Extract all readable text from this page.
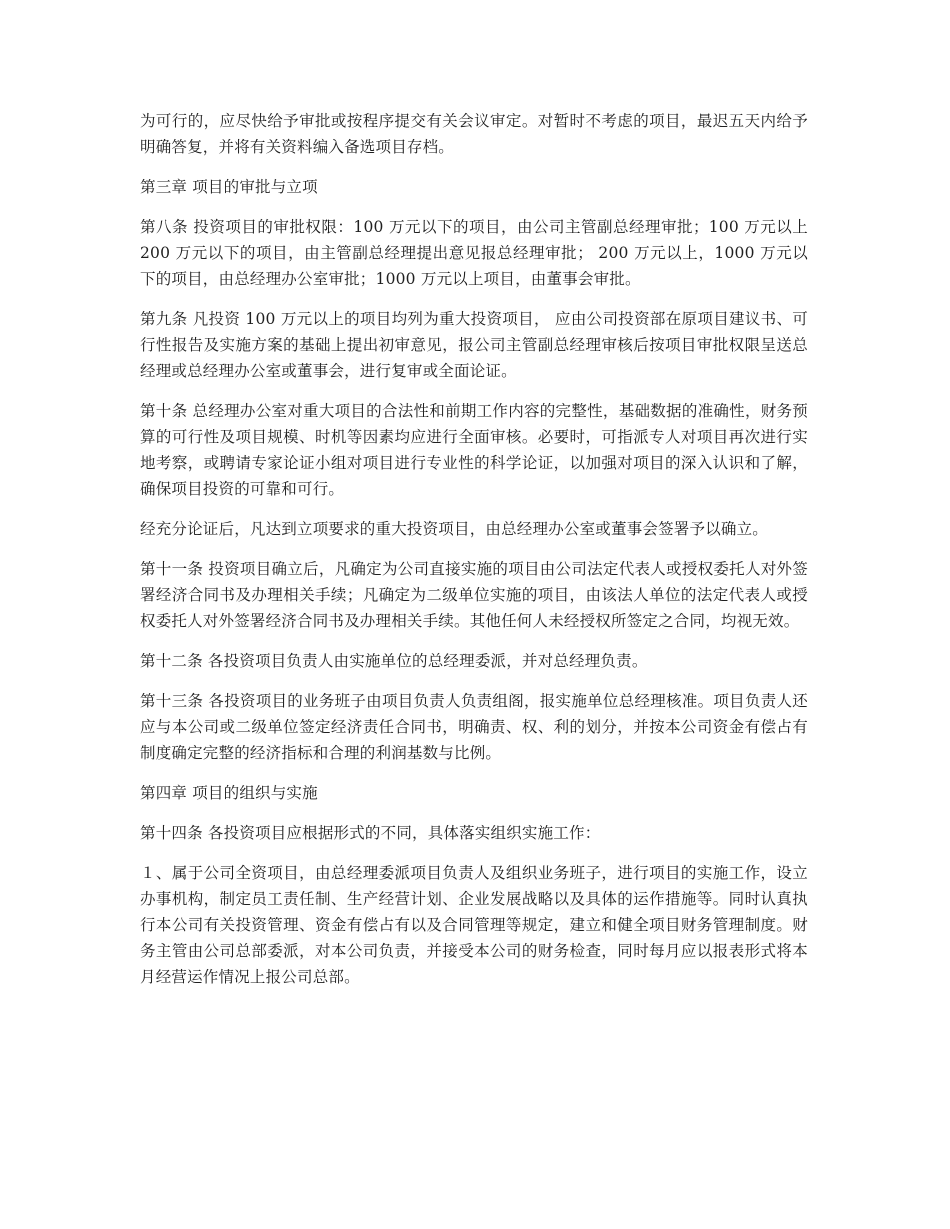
为可行的，应尽快给予审批或按程序提交有关会议审定。对暂时不考虑的项目，最迟五天内给予明确答复，并将有关资料编入备选项目存档。

第三章 项目的审批与立项

第八条 投资项目的审批权限：100 万元以下的项目，由公司主管副总经理审批；100 万元以上 200 万元以下的项目，由主管副总经理提出意见报总经理审批； 200 万元以上，1000 万元以下的项目，由总经理办公室审批；1000 万元以上项目，由董事会审批。

第九条 凡投资 100 万元以上的项目均列为重大投资项目， 应由公司投资部在原项目建议书、可行性报告及实施方案的基础上提出初审意见，报公司主管副总经理审核后按项目审批权限呈送总经理或总经理办公室或董事会，进行复审或全面论证。

第十条 总经理办公室对重大项目的合法性和前期工作内容的完整性，基础数据的准确性，财务预算的可行性及项目规模、时机等因素均应进行全面审核。必要时，可指派专人对项目再次进行实地考察，或聘请专家论证小组对项目进行专业性的科学论证，以加强对项目的深入认识和了解，确保项目投资的可靠和可行。

经充分论证后，凡达到立项要求的重大投资项目，由总经理办公室或董事会签署予以确立。

第十一条 投资项目确立后，凡确定为公司直接实施的项目由公司法定代表人或授权委托人对外签署经济合同书及办理相关手续；凡确定为二级单位实施的项目，由该法人单位的法定代表人或授权委托人对外签署经济合同书及办理相关手续。其他任何人未经授权所签定之合同，均视无效。

第十二条 各投资项目负责人由实施单位的总经理委派，并对总经理负责。

第十三条 各投资项目的业务班子由项目负责人负责组阁，报实施单位总经理核准。项目负责人还应与本公司或二级单位签定经济责任合同书，明确责、权、利的划分，并按本公司资金有偿占有制度确定完整的经济指标和合理的利润基数与比例。

第四章 项目的组织与实施

第十四条 各投资项目应根据形式的不同，具体落实组织实施工作：

１、属于公司全资项目，由总经理委派项目负责人及组织业务班子，进行项目的实施工作，设立办事机构，制定员工责任制、生产经营计划、企业发展战略以及具体的运作措施等。同时认真执行本公司有关投资管理、资金有偿占有以及合同管理等规定，建立和健全项目财务管理制度。财务主管由公司总部委派，对本公司负责，并接受本公司的财务检查，同时每月应以报表形式将本月经营运作情况上报公司总部。
